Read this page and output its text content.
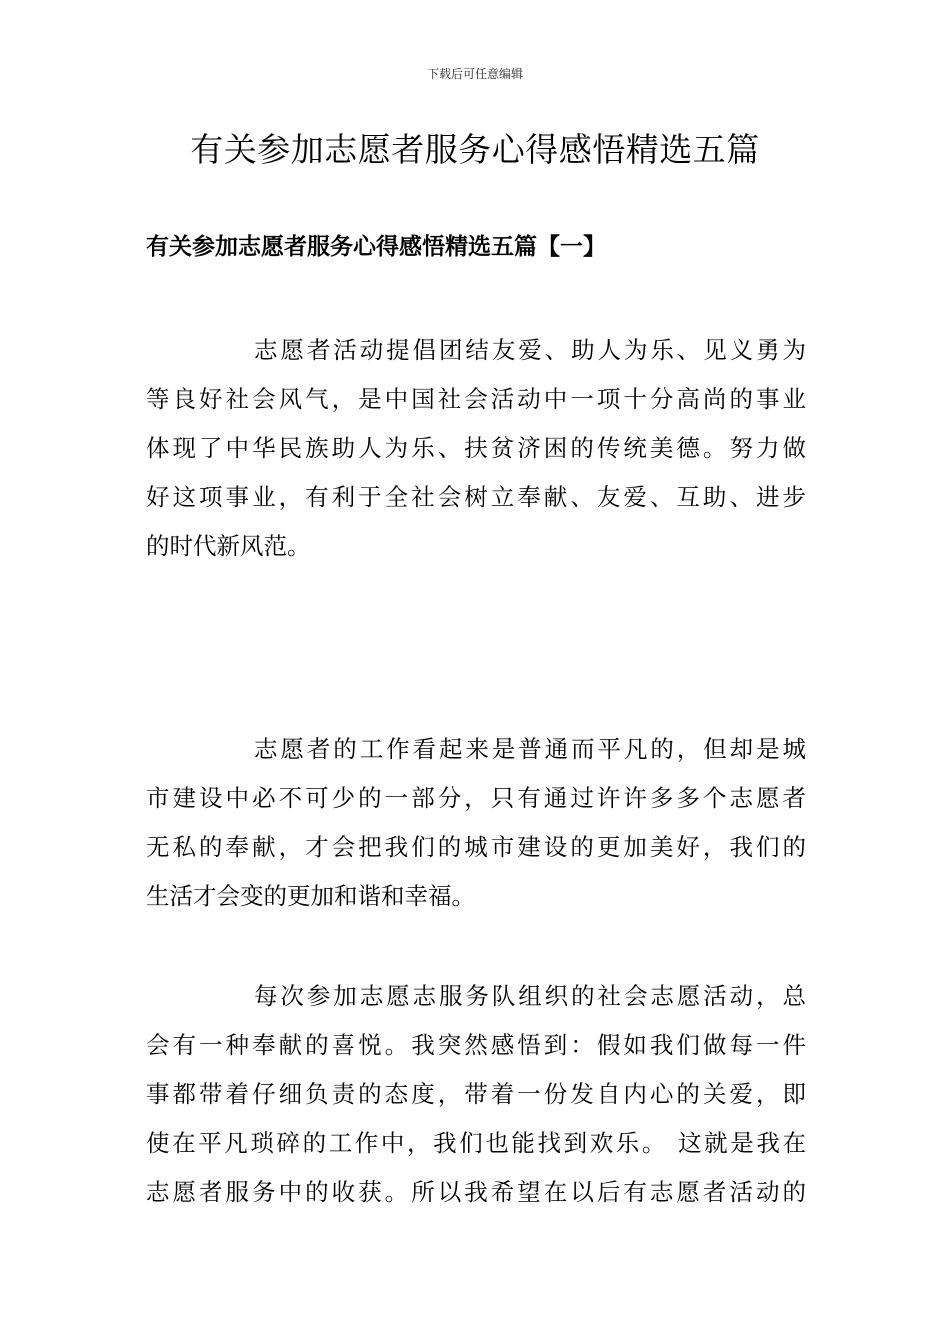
下载后可任意编辑
有关参加志愿者服务心得感悟精选五篇
有关参加志愿者服务心得感悟精选五篇【一】

志愿者活动提倡团结友爱、助人为乐、见义勇为
等良好社会风气，是中国社会活动中一项十分高尚的事业
体现了中华民族助人为乐、扶贫济困的传统美德。努力做
好这项事业，有利于全社会树立奉献、友爱、互助、进步
的时代新风范。

志愿者的工作看起来是普通而平凡的，但却是城
市建设中必不可少的一部分，只有通过许许多多个志愿者
无私的奉献，才会把我们的城市建设的更加美好，我们的
生活才会变的更加和谐和幸福。

每次参加志愿志服务队组织的社会志愿活动，总
会有一种奉献的喜悦。我突然感悟到：假如我们做每一件
事都带着仔细负责的态度，带着一份发自内心的关爱，即
使在平凡琐碎的工作中，我们也能找到欢乐。 这就是我在
志愿者服务中的收获。所以我希望在以后有志愿者活动的
